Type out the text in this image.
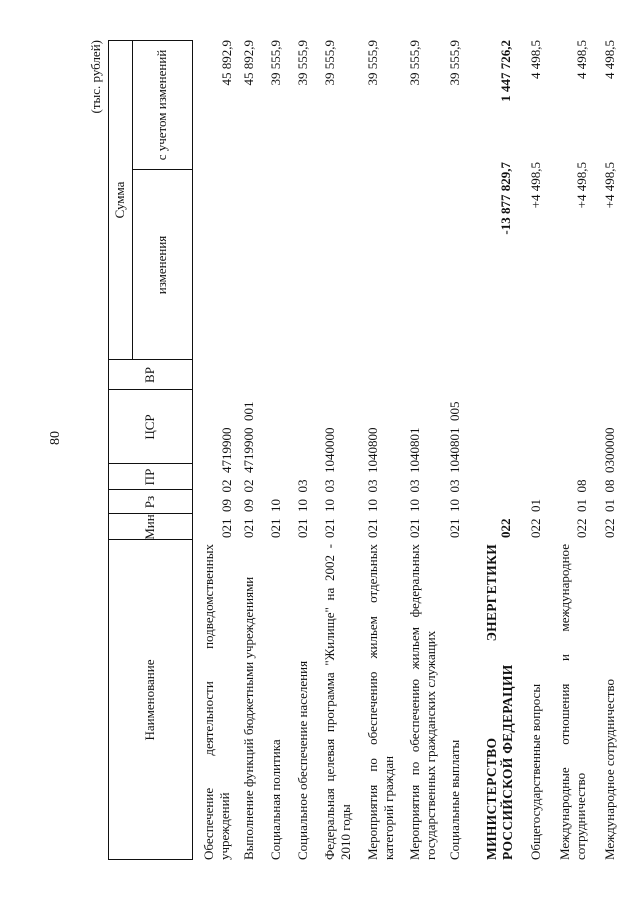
80
(тыс. рублей)
Наименование
Мин
Рз
ПР
ЦСР
ВР
Сумма
изменения
с учетом изменений
Обеспечение деятельности подведомственных учреждений
021  09  02  4719900
45 892,9
Выполнение функций бюджетными учреждениями
021  09  02  4719900  001
45 892,9
Социальная политика
021  10
39 555,9
Социальное обеспечение населения
021  10  03
39 555,9
Федеральная целевая программа "Жилище" на 2002 - 2010 годы
021  10  03  1040000
39 555,9
Мероприятия по обеспечению жильем отдельных категорий граждан
021  10  03  1040800
39 555,9
Мероприятия по обеспечению жильем федеральных государственных гражданских служащих
021  10  03  1040801
39 555,9
Социальные выплаты
021  10  03  1040801  005
39 555,9
МИНИСТЕРСТВО ЭНЕРГЕТИКИ РОССИЙСКОЙ ФЕДЕРАЦИИ
022
-13 877 829,7
1 447 726,2
Общегосударственные вопросы
022  01
+4 498,5
4 498,5
Международные отношения и международное сотрудничество
022  01  08
+4 498,5
4 498,5
Международное сотрудничество
022  01  08  0300000
+4 498,5
4 498,5
